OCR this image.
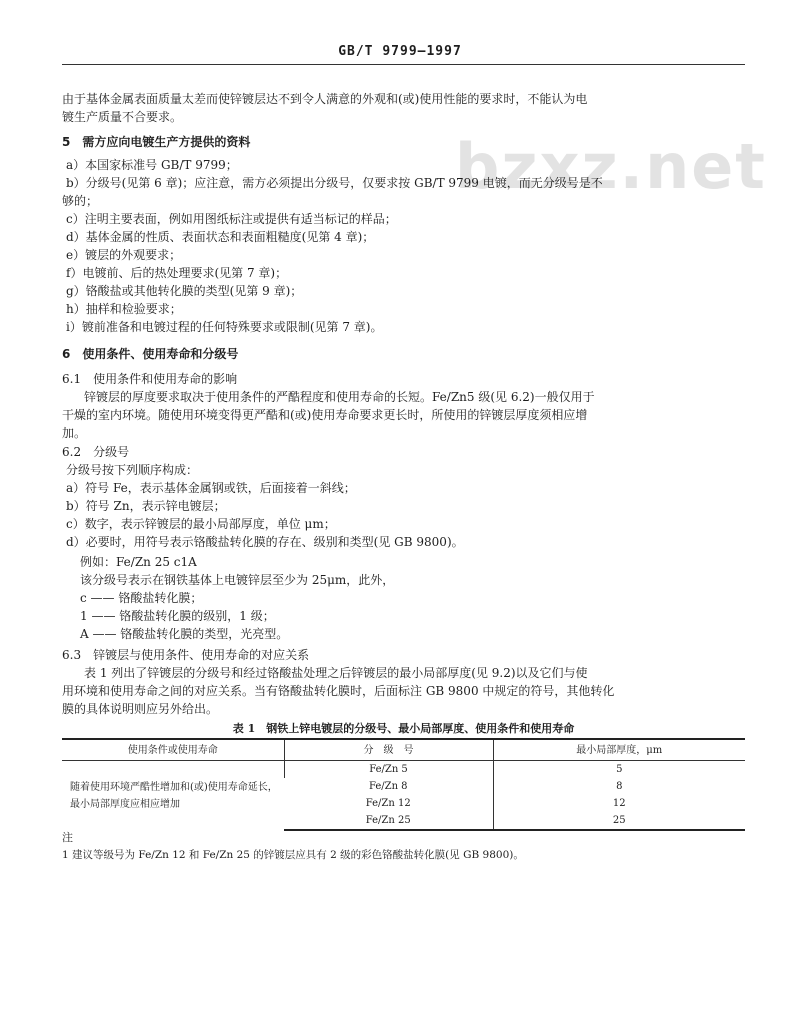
GB/T 9799—1997
bzxz.net
由于基体金属表面质量太差而使锌镀层达不到令人满意的外观和(或)使用性能的要求时，不能认为电
镀生产质量不合要求。
5　需方应向电镀生产方提供的资料
a）本国家标准号 GB/T 9799；
b）分级号(见第 6 章)；应注意，需方必须提出分级号，仅要求按 GB/T 9799 电镀，而无分级号是不
够的；
c）注明主要表面，例如用图纸标注或提供有适当标记的样品；
d）基体金属的性质、表面状态和表面粗糙度(见第 4 章)；
e）镀层的外观要求；
f）电镀前、后的热处理要求(见第 7 章)；
g）铬酸盐或其他转化膜的类型(见第 9 章)；
h）抽样和检验要求；
i）镀前准备和电镀过程的任何特殊要求或限制(见第 7 章)。
6　使用条件、使用寿命和分级号
6.1　使用条件和使用寿命的影响
锌镀层的厚度要求取决于使用条件的严酷程度和使用寿命的长短。Fe/Zn5 级(见 6.2)一般仅用于
干燥的室内环境。随使用环境变得更严酷和(或)使用寿命要求更长时，所使用的锌镀层厚度须相应增
加。
6.2　分级号
分级号按下列顺序构成：
a）符号 Fe，表示基体金属钢或铁，后面接着一斜线；
b）符号 Zn，表示锌电镀层；
c）数字，表示锌镀层的最小局部厚度，单位 μm；
d）必要时，用符号表示铬酸盐转化膜的存在、级别和类型(见 GB 9800)。
例如：Fe/Zn 25 c1A
该分级号表示在钢铁基体上电镀锌层至少为 25μm，此外，
c —— 铬酸盐转化膜；
1 —— 铬酸盐转化膜的级别，1 级；
A —— 铬酸盐转化膜的类型，光亮型。
6.3　锌镀层与使用条件、使用寿命的对应关系
表 1 列出了锌镀层的分级号和经过铬酸盐处理之后锌镀层的最小局部厚度(见 9.2)以及它们与使
用环境和使用寿命之间的对应关系。当有铬酸盐转化膜时，后面标注 GB 9800 中规定的符号，其他转化
膜的具体说明则应另外给出。
表 1　钢铁上锌电镀层的分级号、最小局部厚度、使用条件和使用寿命
使用条件或使用寿命	分　级　号	最小局部厚度，μm
随着使用环境严酷性增加和(或)使用寿命延长，最小局部厚度应相应增加	Fe/Zn 5	5
	Fe/Zn 8	8
	Fe/Zn 12	12
	Fe/Zn 25	25
注
1 建议等级号为 Fe/Zn 12 和 Fe/Zn 25 的锌镀层应具有 2 级的彩色铬酸盐转化膜(见 GB 9800)。
